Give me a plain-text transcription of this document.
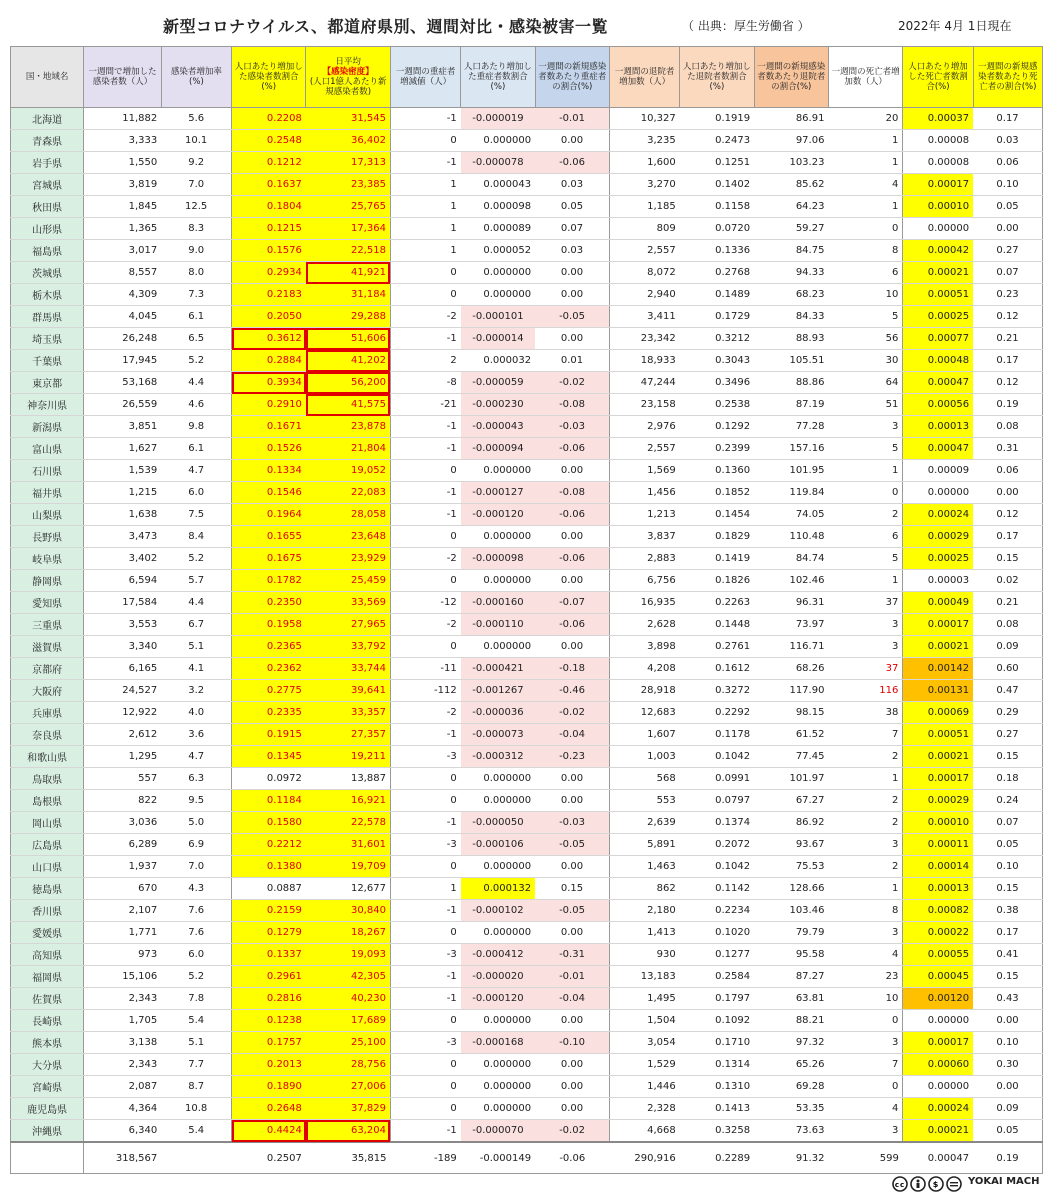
新型コロナウイルス、都道府県別、週間対比・感染被害一覧	（ 出典：厚生労働省 ）	2022年 4月 1日現在
国・地域名	一週間で増加した感染者数（人）	感染者増加率(%)	人口あたり増加した感染者数割合(%)	日平均
【感染密度】
(人口1億人あたり新規感染者数)	一週間の重症者増減値（人）	人口あたり増加した重症者数割合(%)	一週間の新規感染者数あたり重症者の割合(%)	一週間の退院者増加数（人）	人口あたり増加した退院者数割合(%)	一週間の新規感染者数あたり退院者の割合(%)	一週間の死亡者増加数（人）	人口あたり増加した死亡者数割合(%)	一週間の新規感染者数あたり死亡者の割合(%)
北海道	11,882	5.6	0.2208	31,545	-1	-0.000019	-0.01	10,327	0.1919	86.91	20	0.00037	0.17
青森県	3,333	10.1	0.2548	36,402	0	0.000000	0.00	3,235	0.2473	97.06	1	0.00008	0.03
岩手県	1,550	9.2	0.1212	17,313	-1	-0.000078	-0.06	1,600	0.1251	103.23	1	0.00008	0.06
宮城県	3,819	7.0	0.1637	23,385	1	0.000043	0.03	3,270	0.1402	85.62	4	0.00017	0.10
秋田県	1,845	12.5	0.1804	25,765	1	0.000098	0.05	1,185	0.1158	64.23	1	0.00010	0.05
山形県	1,365	8.3	0.1215	17,364	1	0.000089	0.07	809	0.0720	59.27	0	0.00000	0.00
福島県	3,017	9.0	0.1576	22,518	1	0.000052	0.03	2,557	0.1336	84.75	8	0.00042	0.27
茨城県	8,557	8.0	0.2934	41,921	0	0.000000	0.00	8,072	0.2768	94.33	6	0.00021	0.07
栃木県	4,309	7.3	0.2183	31,184	0	0.000000	0.00	2,940	0.1489	68.23	10	0.00051	0.23
群馬県	4,045	6.1	0.2050	29,288	-2	-0.000101	-0.05	3,411	0.1729	84.33	5	0.00025	0.12
埼玉県	26,248	6.5	0.3612	51,606	-1	-0.000014	0.00	23,342	0.3212	88.93	56	0.00077	0.21
千葉県	17,945	5.2	0.2884	41,202	2	0.000032	0.01	18,933	0.3043	105.51	30	0.00048	0.17
東京都	53,168	4.4	0.3934	56,200	-8	-0.000059	-0.02	47,244	0.3496	88.86	64	0.00047	0.12
神奈川県	26,559	4.6	0.2910	41,575	-21	-0.000230	-0.08	23,158	0.2538	87.19	51	0.00056	0.19
新潟県	3,851	9.8	0.1671	23,878	-1	-0.000043	-0.03	2,976	0.1292	77.28	3	0.00013	0.08
富山県	1,627	6.1	0.1526	21,804	-1	-0.000094	-0.06	2,557	0.2399	157.16	5	0.00047	0.31
石川県	1,539	4.7	0.1334	19,052	0	0.000000	0.00	1,569	0.1360	101.95	1	0.00009	0.06
福井県	1,215	6.0	0.1546	22,083	-1	-0.000127	-0.08	1,456	0.1852	119.84	0	0.00000	0.00
山梨県	1,638	7.5	0.1964	28,058	-1	-0.000120	-0.06	1,213	0.1454	74.05	2	0.00024	0.12
長野県	3,473	8.4	0.1655	23,648	0	0.000000	0.00	3,837	0.1829	110.48	6	0.00029	0.17
岐阜県	3,402	5.2	0.1675	23,929	-2	-0.000098	-0.06	2,883	0.1419	84.74	5	0.00025	0.15
静岡県	6,594	5.7	0.1782	25,459	0	0.000000	0.00	6,756	0.1826	102.46	1	0.00003	0.02
愛知県	17,584	4.4	0.2350	33,569	-12	-0.000160	-0.07	16,935	0.2263	96.31	37	0.00049	0.21
三重県	3,553	6.7	0.1958	27,965	-2	-0.000110	-0.06	2,628	0.1448	73.97	3	0.00017	0.08
滋賀県	3,340	5.1	0.2365	33,792	0	0.000000	0.00	3,898	0.2761	116.71	3	0.00021	0.09
京都府	6,165	4.1	0.2362	33,744	-11	-0.000421	-0.18	4,208	0.1612	68.26	37	0.00142	0.60
大阪府	24,527	3.2	0.2775	39,641	-112	-0.001267	-0.46	28,918	0.3272	117.90	116	0.00131	0.47
兵庫県	12,922	4.0	0.2335	33,357	-2	-0.000036	-0.02	12,683	0.2292	98.15	38	0.00069	0.29
奈良県	2,612	3.6	0.1915	27,357	-1	-0.000073	-0.04	1,607	0.1178	61.52	7	0.00051	0.27
和歌山県	1,295	4.7	0.1345	19,211	-3	-0.000312	-0.23	1,003	0.1042	77.45	2	0.00021	0.15
鳥取県	557	6.3	0.0972	13,887	0	0.000000	0.00	568	0.0991	101.97	1	0.00017	0.18
島根県	822	9.5	0.1184	16,921	0	0.000000	0.00	553	0.0797	67.27	2	0.00029	0.24
岡山県	3,036	5.0	0.1580	22,578	-1	-0.000050	-0.03	2,639	0.1374	86.92	2	0.00010	0.07
広島県	6,289	6.9	0.2212	31,601	-3	-0.000106	-0.05	5,891	0.2072	93.67	3	0.00011	0.05
山口県	1,937	7.0	0.1380	19,709	0	0.000000	0.00	1,463	0.1042	75.53	2	0.00014	0.10
徳島県	670	4.3	0.0887	12,677	1	0.000132	0.15	862	0.1142	128.66	1	0.00013	0.15
香川県	2,107	7.6	0.2159	30,840	-1	-0.000102	-0.05	2,180	0.2234	103.46	8	0.00082	0.38
愛媛県	1,771	7.6	0.1279	18,267	0	0.000000	0.00	1,413	0.1020	79.79	3	0.00022	0.17
高知県	973	6.0	0.1337	19,093	-3	-0.000412	-0.31	930	0.1277	95.58	4	0.00055	0.41
福岡県	15,106	5.2	0.2961	42,305	-1	-0.000020	-0.01	13,183	0.2584	87.27	23	0.00045	0.15
佐賀県	2,343	7.8	0.2816	40,230	-1	-0.000120	-0.04	1,495	0.1797	63.81	10	0.00120	0.43
長崎県	1,705	5.4	0.1238	17,689	0	0.000000	0.00	1,504	0.1092	88.21	0	0.00000	0.00
熊本県	3,138	5.1	0.1757	25,100	-3	-0.000168	-0.10	3,054	0.1710	97.32	3	0.00017	0.10
大分県	2,343	7.7	0.2013	28,756	0	0.000000	0.00	1,529	0.1314	65.26	7	0.00060	0.30
宮崎県	2,087	8.7	0.1890	27,006	0	0.000000	0.00	1,446	0.1310	69.28	0	0.00000	0.00
鹿児島県	4,364	10.8	0.2648	37,829	0	0.000000	0.00	2,328	0.1413	53.35	4	0.00024	0.09
沖縄県	6,340	5.4	0.4424	63,204	-1	-0.000070	-0.02	4,668	0.3258	73.63	3	0.00021	0.05
	318,567		0.2507	35,815	-189	-0.000149	-0.06	290,916	0.2289	91.32	599	0.00047	0.19
cc	$	YOKAI MACH
